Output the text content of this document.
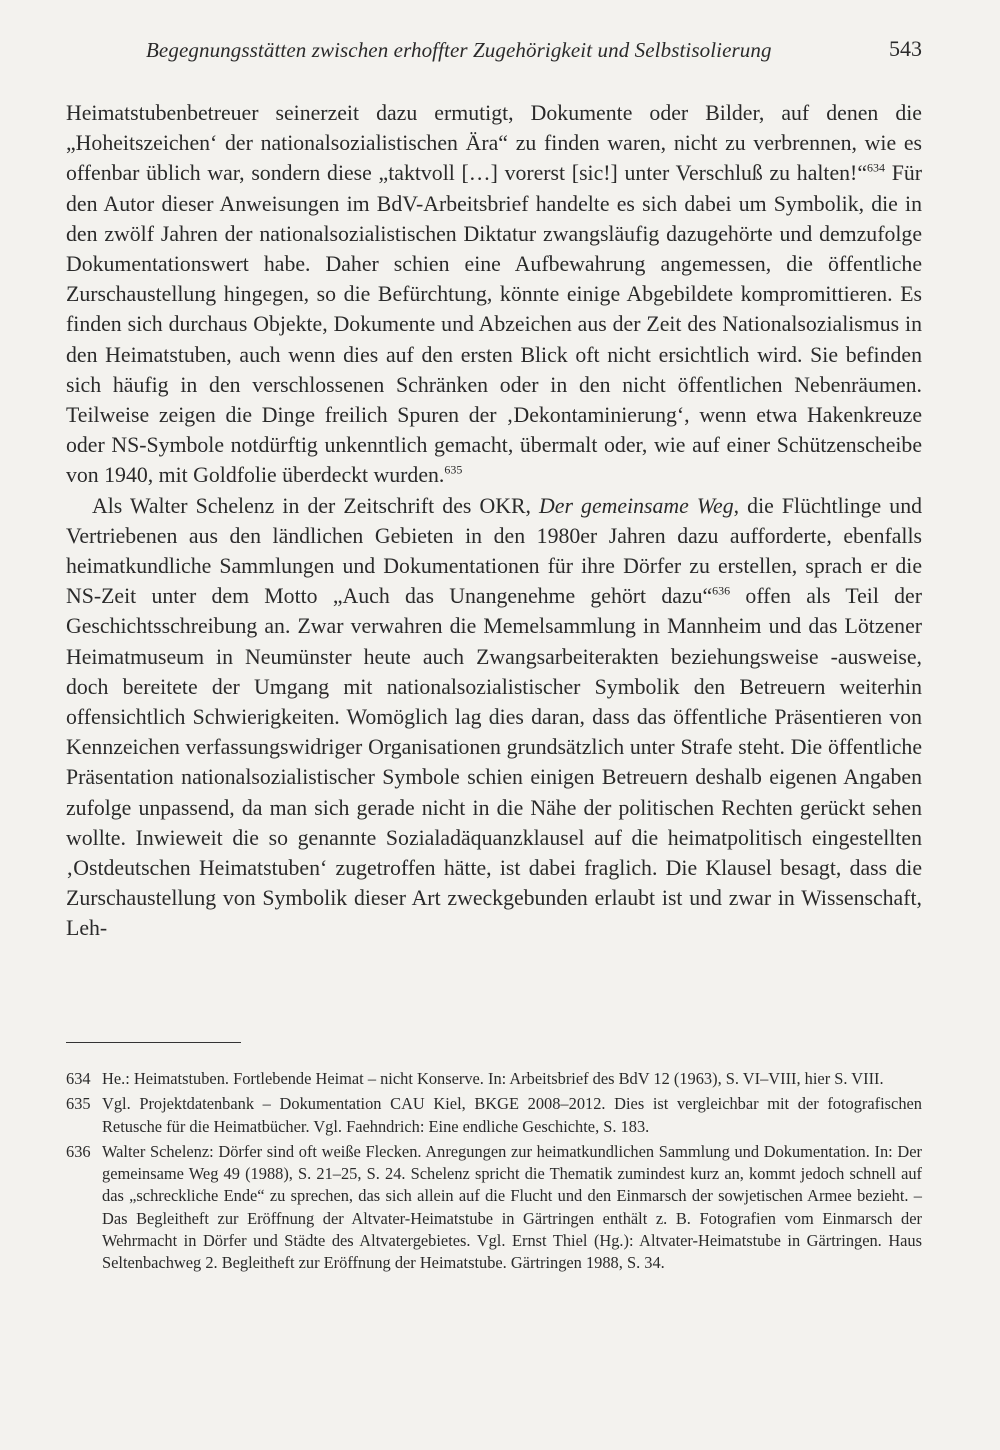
Begegnungsstätten zwischen erhoffter Zugehörigkeit und Selbstisolierung	543

Heimatstubenbetreuer seinerzeit dazu ermutigt, Dokumente oder Bilder, auf denen die „Hoheitszeichen‘ der nationalsozialistischen Ära“ zu finden waren, nicht zu verbrennen, wie es offenbar üblich war, sondern diese „taktvoll […] vorerst [sic!] unter Verschluß zu halten!“$^{634}$ Für den Autor dieser Anweisungen im BdV-Arbeitsbrief handelte es sich dabei um Symbolik, die in den zwölf Jahren der nationalsozialistischen Diktatur zwangsläufig dazugehörte und demzufolge Dokumentationswert habe. Daher schien eine Aufbewahrung angemessen, die öffentliche Zurschaustellung hingegen, so die Befürchtung, könnte einige Abgebildete kompromittieren. Es finden sich durchaus Objekte, Dokumente und Abzeichen aus der Zeit des Nationalsozialismus in den Heimatstuben, auch wenn dies auf den ersten Blick oft nicht ersichtlich wird. Sie befinden sich häufig in den verschlossenen Schränken oder in den nicht öffentlichen Nebenräumen. Teilweise zeigen die Dinge freilich Spuren der ‚Dekontaminierung‘, wenn etwa Hakenkreuze oder NS-Symbole notdürftig unkenntlich gemacht, übermalt oder, wie auf einer Schützenscheibe von 1940, mit Goldfolie überdeckt wurden.$^{635}$

Als Walter Schelenz in der Zeitschrift des OKR, Der gemeinsame Weg, die Flüchtlinge und Vertriebenen aus den ländlichen Gebieten in den 1980er Jahren dazu aufforderte, ebenfalls heimatkundliche Sammlungen und Dokumentationen für ihre Dörfer zu erstellen, sprach er die NS-Zeit unter dem Motto „Auch das Unangenehme gehört dazu“$^{636}$ offen als Teil der Geschichtsschreibung an. Zwar verwahren die Memelsammlung in Mannheim und das Lötzener Heimatmuseum in Neumünster heute auch Zwangsarbeiterakten beziehungsweise -ausweise, doch bereitete der Umgang mit nationalsozialistischer Symbolik den Betreuern weiterhin offensichtlich Schwierigkeiten. Womöglich lag dies daran, dass das öffentliche Präsentieren von Kennzeichen verfassungswidriger Organisationen grundsätzlich unter Strafe steht. Die öffentliche Präsentation nationalsozialistischer Symbole schien einigen Betreuern deshalb eigenen Angaben zufolge unpassend, da man sich gerade nicht in die Nähe der politischen Rechten gerückt sehen wollte. Inwieweit die so genannte Sozialadäquanzklausel auf die heimatpolitisch eingestellten ‚Ostdeutschen Heimatstuben‘ zugetroffen hätte, ist dabei fraglich. Die Klausel besagt, dass die Zurschaustellung von Symbolik dieser Art zweckgebunden erlaubt ist und zwar in Wissenschaft, Leh-

634 He.: Heimatstuben. Fortlebende Heimat – nicht Konserve. In: Arbeitsbrief des BdV 12 (1963), S. VI–VIII, hier S. VIII.
635 Vgl. Projektdatenbank – Dokumentation CAU Kiel, BKGE 2008–2012. Dies ist vergleichbar mit der fotografischen Retusche für die Heimatbücher. Vgl. Faehndrich: Eine endliche Geschichte, S. 183.
636 Walter Schelenz: Dörfer sind oft weiße Flecken. Anregungen zur heimatkundlichen Sammlung und Dokumentation. In: Der gemeinsame Weg 49 (1988), S. 21–25, S. 24. Schelenz spricht die Thematik zumindest kurz an, kommt jedoch schnell auf das „schreckliche Ende“ zu sprechen, das sich allein auf die Flucht und den Einmarsch der sowjetischen Armee bezieht. – Das Begleitheft zur Eröffnung der Altvater-Heimatstube in Gärtringen enthält z. B. Fotografien vom Einmarsch der Wehrmacht in Dörfer und Städte des Altvatergebietes. Vgl. Ernst Thiel (Hg.): Altvater-Heimatstube in Gärtringen. Haus Seltenbachweg 2. Begleitheft zur Eröffnung der Heimatstube. Gärtringen 1988, S. 34.
